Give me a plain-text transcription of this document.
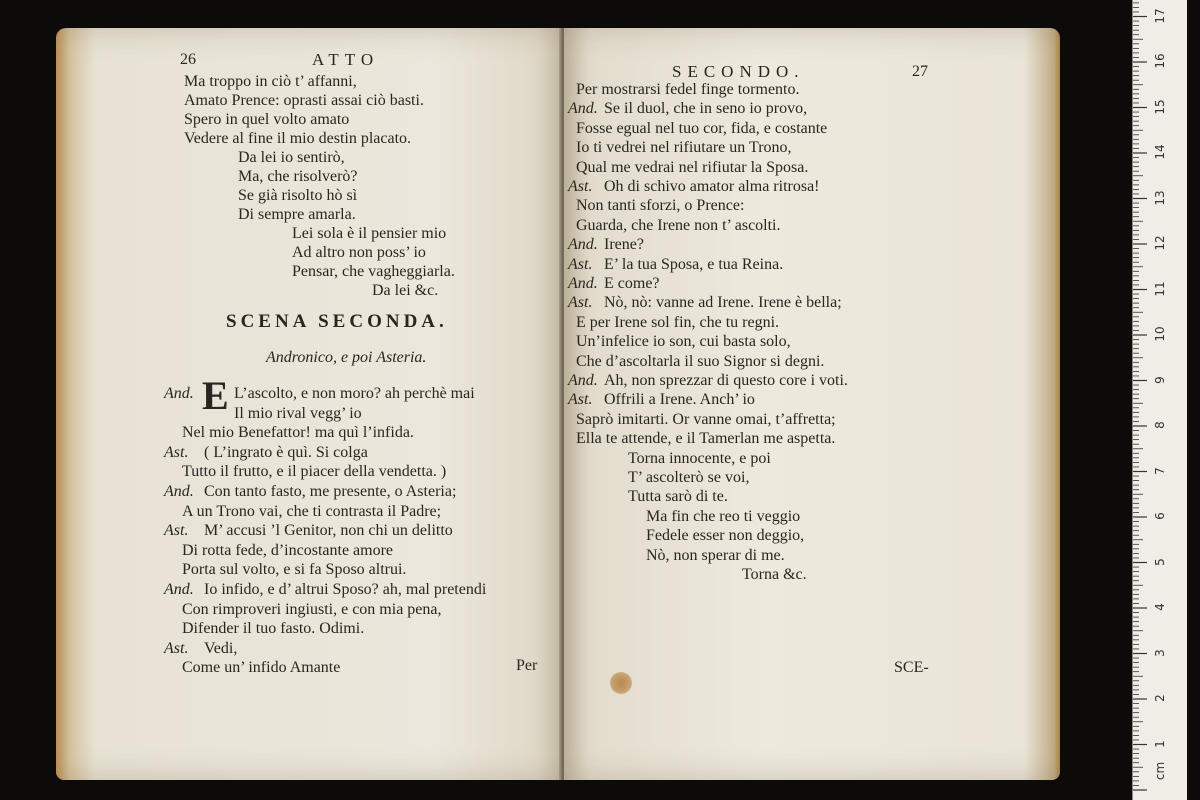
26	ATTO

Ma troppo in ciò t’ affanni,

Amato Prence: oprasti assai ciò basti.

Spero in quel volto amato

Vedere al fine il mio destin placato.

Da lei io sentirò,

Ma, che risolverò?

Se già risolto hò sì

Di sempre amarla.

Lei sola è il pensier mio

Ad altro non poss’ io

Pensar, che vagheggiarla.

Da lei &c.

SCENA SECONDA.

Andronico, e poi Asteria.

E

And.	L’ascolto, e non moro? ah perchè mai

Il mio rival vegg’ io

Nel mio Benefattor! ma quì l’infida.

Ast. ( L’ingrato è quì. Si colga

Tutto il frutto, e il piacer della vendetta. )

And. Con tanto fasto, me presente, o Asteria;

A un Trono vai, che ti contrasta il Padre;

Ast. M’ accusi ’l Genitor, non chi un delitto

Di rotta fede, d’incostante amore

Porta sul volto, e si fa Sposo altrui.

And. Io infido, e d’ altrui Sposo? ah, mal pretendi

Con rimproveri ingiusti, e con mia pena,

Difender il tuo fasto. Odimi.

Ast. Vedi,

Come un’ infido Amante	Per

SECONDO.	27

Per mostrarsi fedel finge tormento.

And. Se il duol, che in seno io provo,

Fosse egual nel tuo cor, fida, e costante

Io ti vedrei nel rifiutare un Trono,

Qual me vedrai nel rifiutar la Sposa.

Ast. Oh di schivo amator alma ritrosa!

Non tanti sforzi, o Prence:

Guarda, che Irene non t’ ascolti.

And. Irene?

Ast. E’ la tua Sposa, e tua Reina.

And. E come?

Ast. Nò, nò: vanne ad Irene. Irene è bella;

E per Irene sol fin, che tu regni.

Un’infelice io son, cui basta solo,

Che d’ascoltarla il suo Signor si degni.

And. Ah, non sprezzar di questo core i voti.

Ast. Offrili a Irene. Anch’ io

Saprò imitarti. Or vanne omai, t’affretta;

Ella te attende, e il Tamerlan me aspetta.

Torna innocente, e poi

T’ ascolterò se voi,

Tutta sarò di te.

Ma fin che reo ti veggio

Fedele esser non deggio,

Nò, non sperar di me.

Torna &c.

SCE-

cm
1
2
3
4
5
6
7
8
9
10
11
12
13
14
15
16
17
